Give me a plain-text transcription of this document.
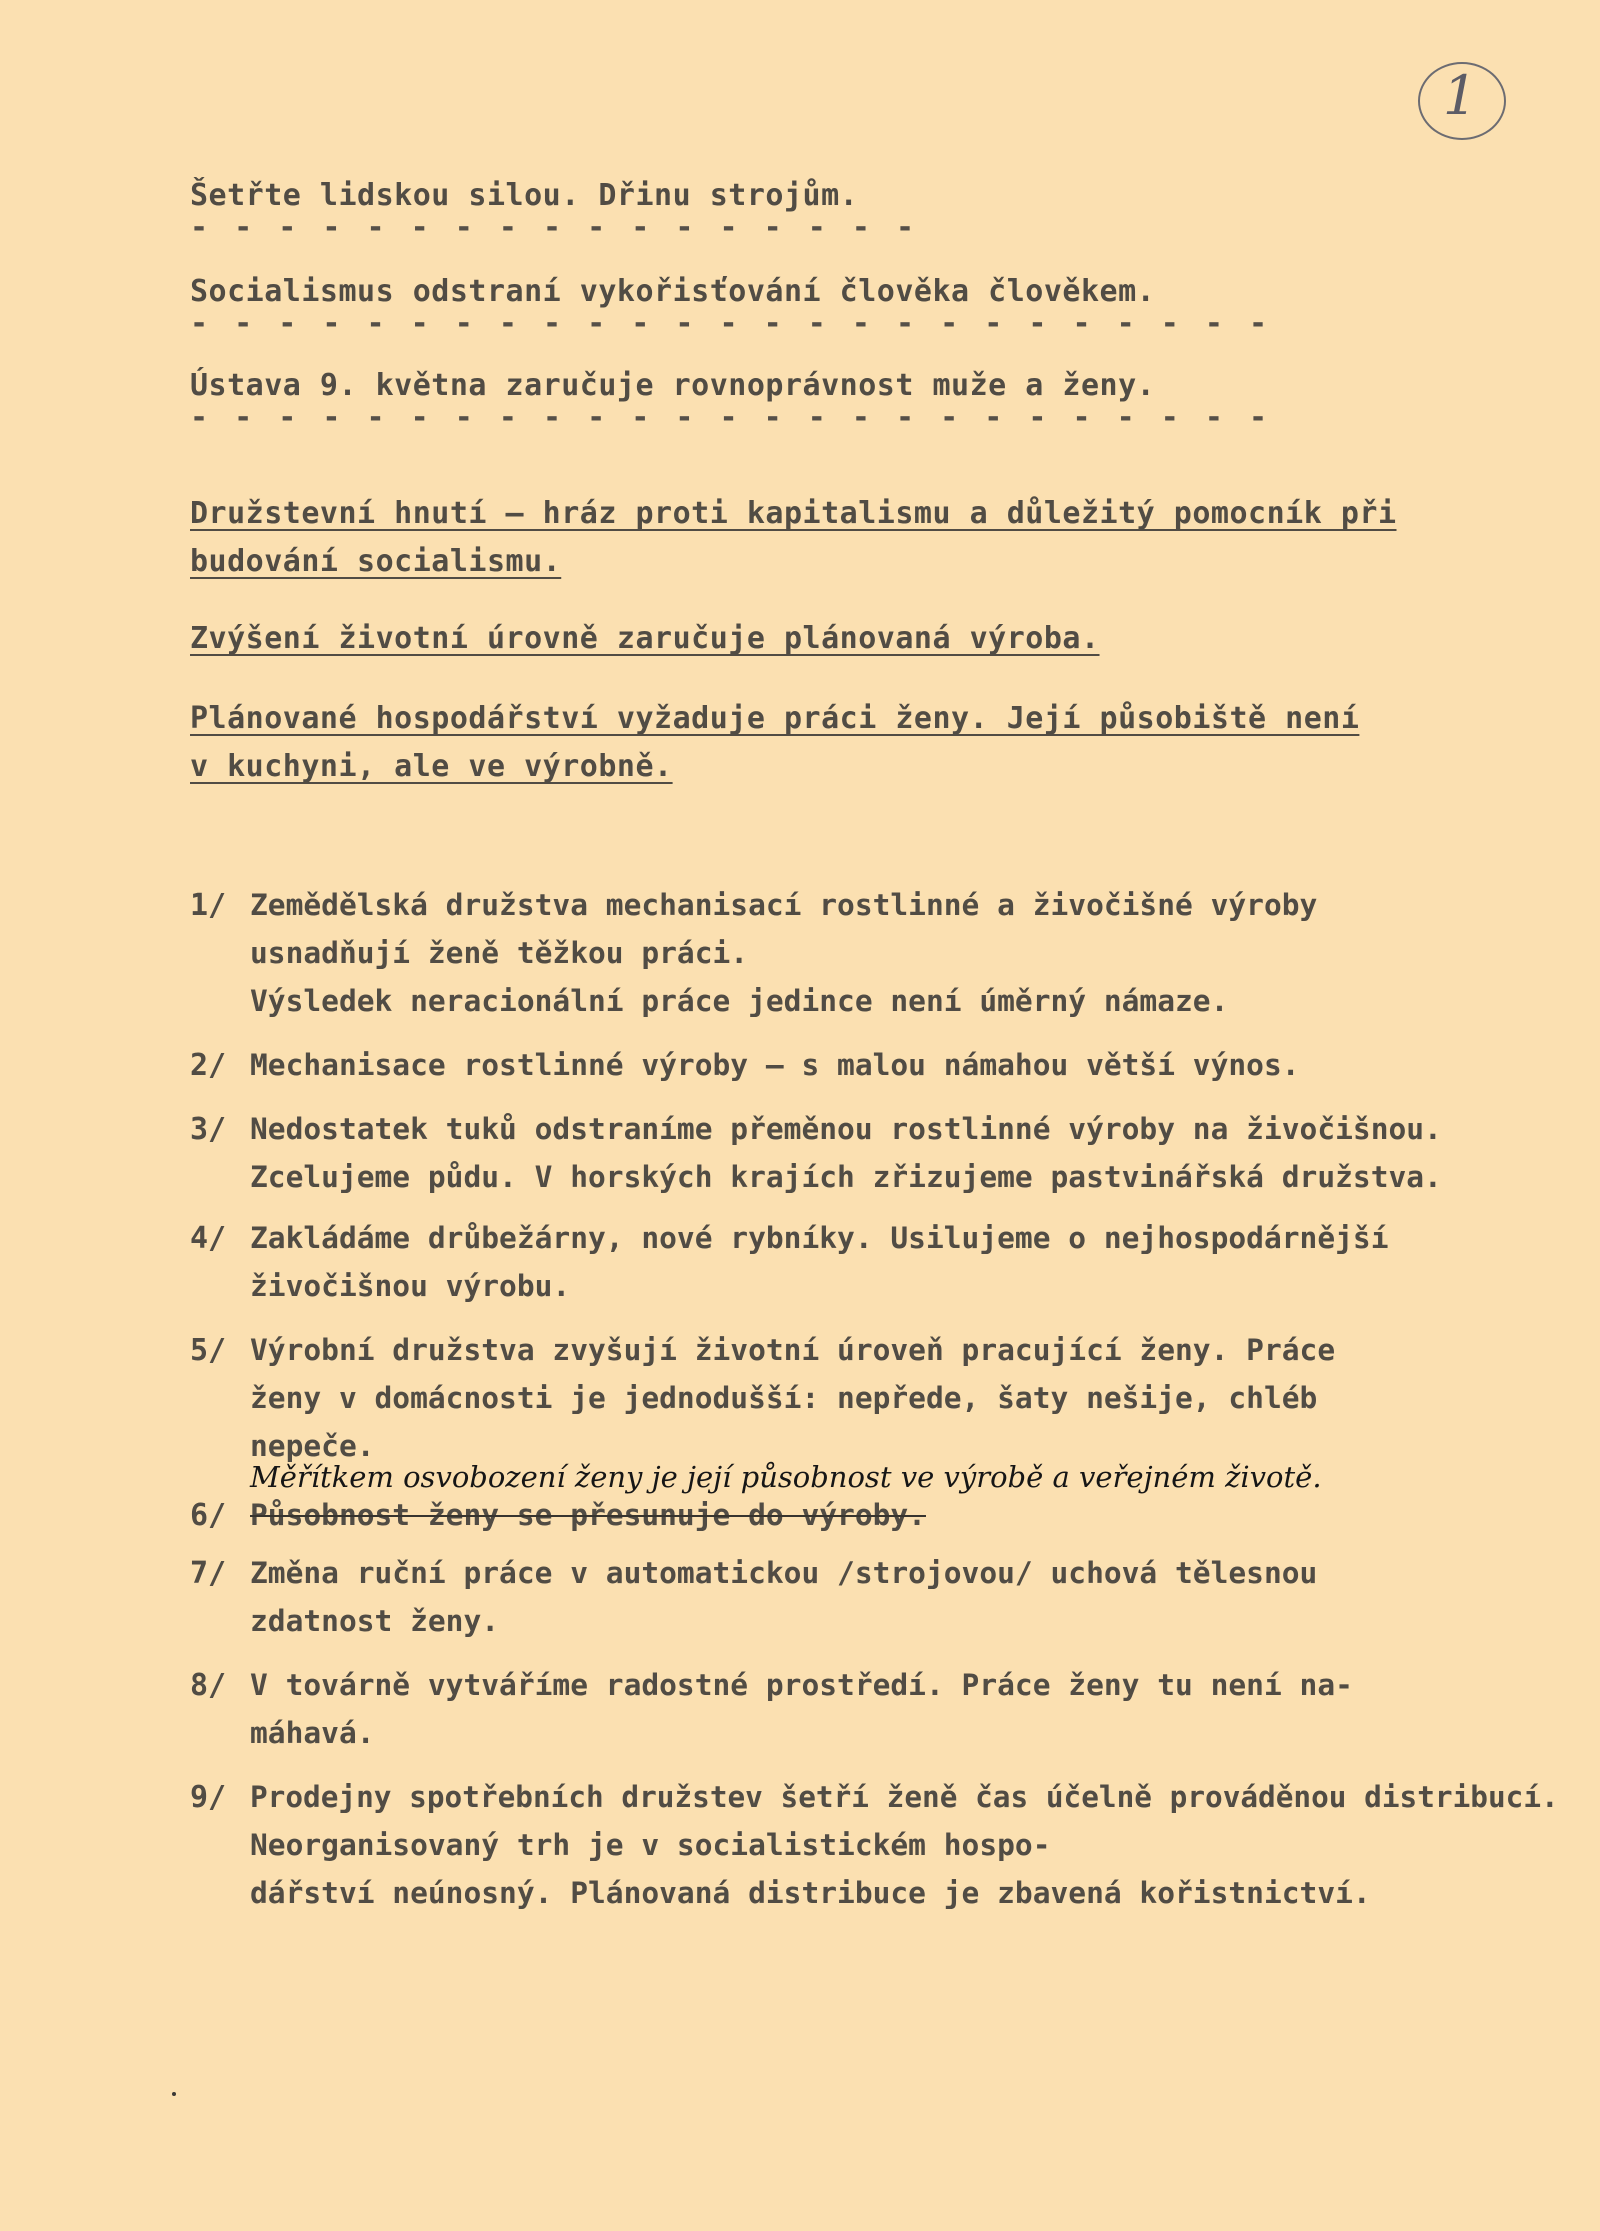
1
Šetřte lidskou silou. Dřinu strojům.
- - - - - - - - - - - - - - - - -
Socialismus odstraní vykořisťování člověka člověkem.
- - - - - - - - - - - - - - - - - - - - - - - - -
Ústava 9. května zaručuje rovnoprávnost muže a ženy.
- - - - - - - - - - - - - - - - - - - - - - - - -
Družstevní hnutí – hráz proti kapitalismu a důležitý pomocník při
budování socialismu.
Zvýšení životní úrovně zaručuje plánovaná výroba.
Plánované hospodářství vyžaduje práci ženy. Její působiště není
v kuchyni, ale ve výrobně.
1/ Zemědělská družstva mechanisací rostlinné a živočišné výroby
usnadňují ženě těžkou práci.
Výsledek neracionální práce jedince není úměrný námaze.
2/ Mechanisace rostlinné výroby – s malou námahou větší výnos.
3/ Nedostatek tuků odstraníme přeměnou rostlinné výroby na živočišnou.
Zcelujeme půdu. V horských krajích zřizujeme pastvinářská družstva.
4/ Zakládáme drůbežárny, nové rybníky. Usilujeme o nejhospodárnější
živočišnou výrobu.
5/ Výrobní družstva zvyšují životní úroveň pracující ženy. Práce
ženy v domácnosti je jednodušší: nepřede, šaty nešije, chléb
nepeče.
Měřítkem osvobození ženy je její působnost ve výrobě a veřejném životě.
6/ Působnost ženy se přesunuje do výroby.
7/ Změna ruční práce v automatickou /strojovou/ uchová tělesnou
zdatnost ženy.
8/ V továrně vytváříme radostné prostředí. Práce ženy tu není na-
máhavá.
9/ Prodejny spotřebních družstev šetří ženě čas účelně prováděnou distribucí.
Neorganisovaný trh je v socialistickém hospo-
dářství neúnosný. Plánovaná distribuce je zbavená kořistnictví.
